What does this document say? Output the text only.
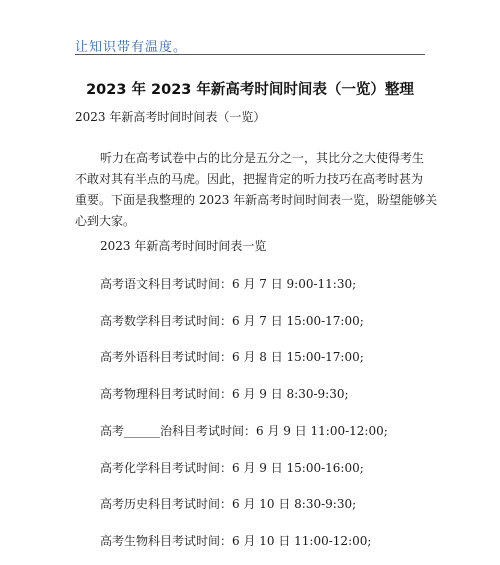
让知识带有温度。
2023 年 2023 年新高考时间时间表（一览）整理
2023 年新高考时间时间表（一览）
听力在高考试卷中占的比分是五分之一，其比分之大使得考生
不敢对其有半点的马虎。因此，把握肯定的听力技巧在高考时甚为
重要。下面是我整理的 2023 年新高考时间时间表一览，盼望能够关
心到大家。
2023 年新高考时间时间表一览
高考语文科目考试时间：6 月 7 日 9:00-11:30;
高考数学科目考试时间：6 月 7 日 15:00-17:00;
高考外语科目考试时间：6 月 8 日 15:00-17:00;
高考物理科目考试时间：6 月 9 日 8:30-9:30;
高考______治科目考试时间：6 月 9 日 11:00-12:00;
高考化学科目考试时间：6 月 9 日 15:00-16:00;
高考历史科目考试时间：6 月 10 日 8:30-9:30;
高考生物科目考试时间：6 月 10 日 11:00-12:00;
